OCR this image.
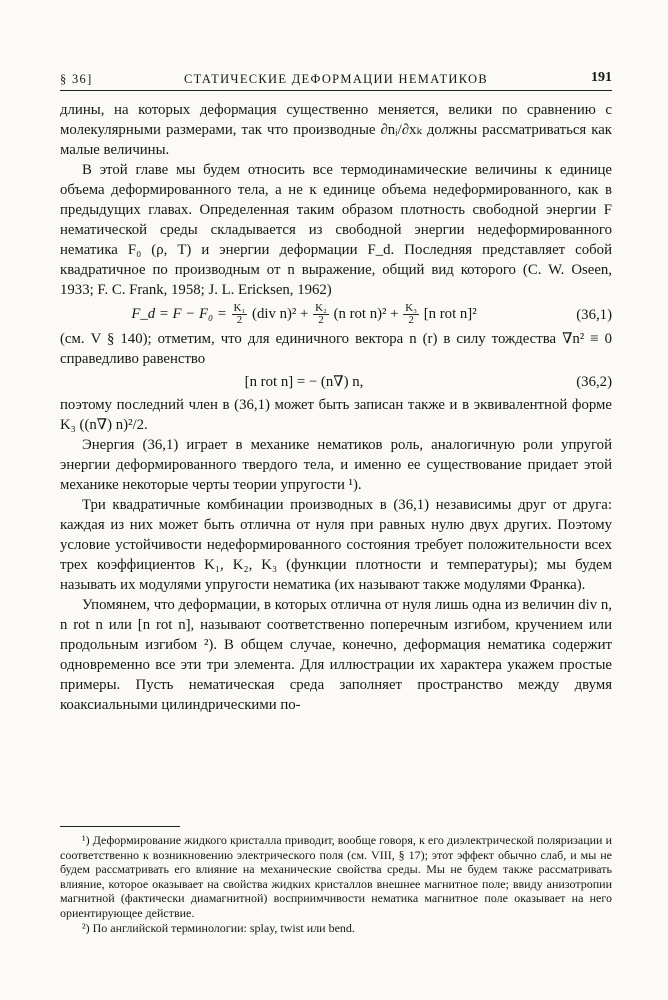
§ 36]	СТАТИЧЕСКИЕ ДЕФОРМАЦИИ НЕМАТИКОВ	191

длины, на которых деформация существенно меняется, велики по сравнению с молекулярными размерами, так что производные ∂nᵢ/∂xₖ должны рассматриваться как малые величины.

В этой главе мы будем относить все термодинамические величины к единице объема деформированного тела, а не к единице объема недеформированного, как в предыдущих главах. Определенная таким образом плотность свободной энергии F нематической среды складывается из свободной энергии недеформированного нематика F₀ (ρ, T) и энергии деформации F_d. Последняя представляет собой квадратичное по производным от n выражение, общий вид которого (C. W. Oseen, 1933; F. C. Frank, 1958; J. L. Ericksen, 1962)

F_d = $F - F_0 = \frac{\text{K₁}}{2} (div$ $n)^2 + \frac{\text{K₂}}{2} (n$ rot $n)^2 + \frac{\text{K₃}}{2} [n$ rot n]²	(36,1)

(см. V § 140); отметим, что для единичного вектора n (r) в силу тождества ∇n² ≡ 0 справедливо равенство

[n rot n] = − (n∇) n,	(36,2)

поэтому последний член в (36,1) может быть записан также и в эквивалентной форме K₃ ((n∇) n)²/2.

Энергия (36,1) играет в механике нематиков роль, аналогичную роли упругой энергии деформированного твердого тела, и именно ее существование придает этой механике некоторые черты теории упругости ¹).

Три квадратичные комбинации производных в (36,1) независимы друг от друга: каждая из них может быть отлична от нуля при равных нулю двух других. Поэтому условие устойчивости недеформированного состояния требует положительности всех трех коэффициентов K₁, K₂, K₃ (функции плотности и температуры); мы будем называть их модулями упругости нематика (их называют также модулями Франка).

Упомянем, что деформации, в которых отлична от нуля лишь одна из величин div n, n rot n или [n rot n], называют соответственно поперечным изгибом, кручением или продольным изгибом ²). В общем случае, конечно, деформация нематика содержит одновременно все эти три элемента. Для иллюстрации их характера укажем простые примеры. Пусть нематическая среда заполняет пространство между двумя коаксиальными цилиндрическими по-

¹) Деформирование жидкого кристалла приводит, вообще говоря, к его диэлектрической поляризации и соответственно к возникновению электрического поля (см. VIII, § 17); этот эффект обычно слаб, и мы не будем рассматривать его влияние на механические свойства среды. Мы не будем также рассматривать влияние, которое оказывает на свойства жидких кристаллов внешнее магнитное поле; ввиду анизотропии магнитной (фактически диамагнитной) восприимчивости нематика магнитное поле оказывает на него ориентирующее действие.

²) По английской терминологии: splay, twist или bend.
